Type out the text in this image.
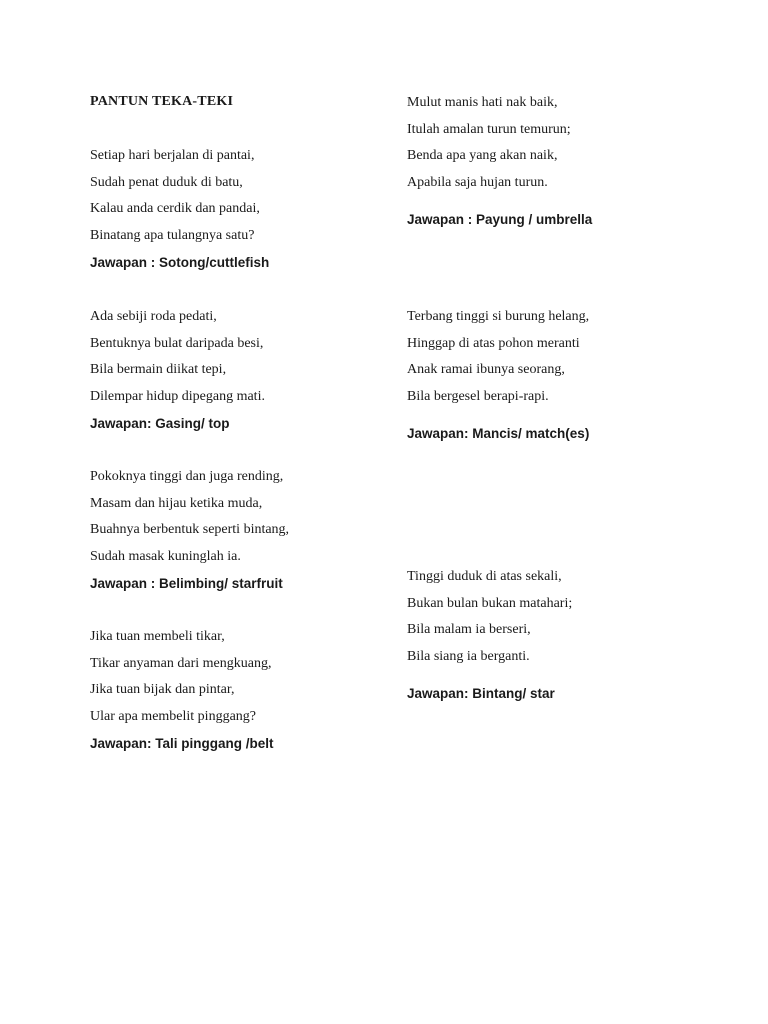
PANTUN TEKA-TEKI
Setiap hari berjalan di pantai,
Sudah penat duduk di batu,
Kalau anda cerdik dan pandai,
Binatang apa tulangnya satu?
Jawapan : Sotong/cuttlefish
Ada sebiji roda pedati,
Bentuknya bulat daripada besi,
Bila bermain diikat tepi,
Dilempar hidup dipegang mati.
Jawapan: Gasing/ top
Pokoknya tinggi dan juga rending,
Masam dan hijau ketika muda,
Buahnya berbentuk seperti bintang,
Sudah masak kuninglah ia.
Jawapan : Belimbing/ starfruit
Jika tuan membeli tikar,
Tikar anyaman dari mengkuang,
Jika tuan bijak dan pintar,
Ular apa membelit pinggang?
Jawapan: Tali pinggang /belt
Mulut manis hati nak baik,
Itulah amalan turun temurun;
Benda apa yang akan naik,
Apabila saja hujan turun.
Jawapan : Payung / umbrella
Terbang tinggi si burung helang,
Hinggap di atas pohon meranti
Anak ramai ibunya seorang,
Bila bergesel berapi-rapi.
Jawapan: Mancis/ match(es)
Tinggi duduk di atas sekali,
Bukan bulan bukan matahari;
Bila malam ia berseri,
Bila siang ia berganti.
Jawapan: Bintang/ star
